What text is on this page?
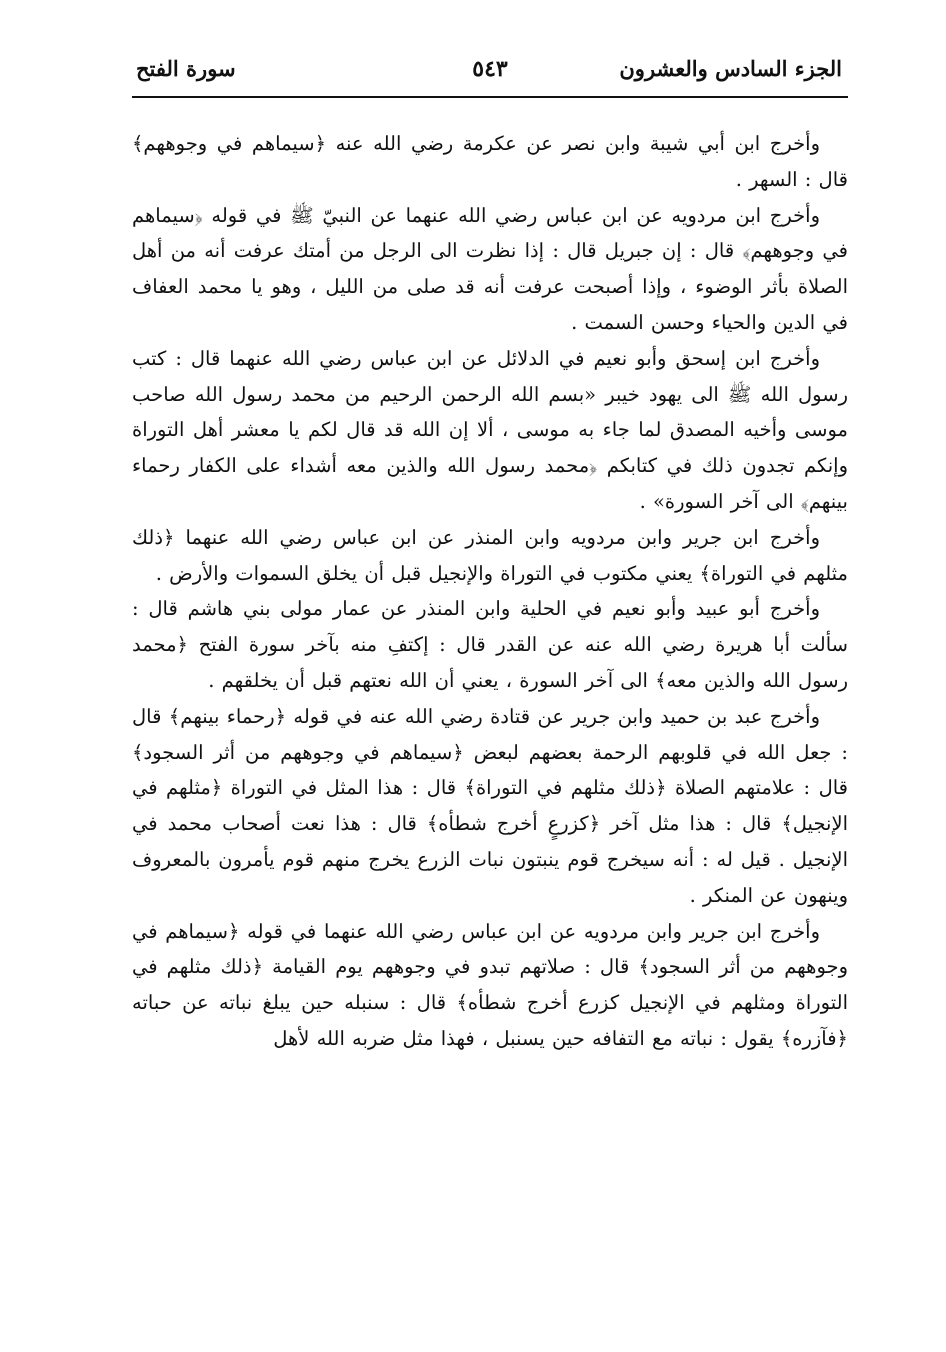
الجزء السادس والعشرون
٥٤٣
سورة الفتح

وأخرج ابن أبي شيبة وابن نصر عن عكرمة رضي الله عنه ﴿سيماهم في وجوههم﴾ قال : السهر .

وأخرج ابن مردويه عن ابن عباس رضي الله عنهما عن النبيّ ﷺ في قوله ﴿سيماهم في وجوههم﴾ قال : إن جبريل قال : إذا نظرت الى الرجل من أمتك عرفت أنه من أهل الصلاة بأثر الوضوء ، وإذا أصبحت عرفت أنه قد صلى من الليل ، وهو يا محمد العفاف في الدين والحياء وحسن السمت .

وأخرج ابن إسحق وأبو نعيم في الدلائل عن ابن عباس رضي الله عنهما قال : كتب رسول الله ﷺ الى يهود خيبر «بسم الله الرحمن الرحيم من محمد رسول الله صاحب موسى وأخيه المصدق لما جاء به موسى ، ألا إن الله قد قال لكم يا معشر أهل التوراة وإنكم تجدون ذلك في كتابكم ﴿محمد رسول الله والذين معه أشداء على الكفار رحماء بينهم﴾ الى آخر السورة» .

وأخرج ابن جرير وابن مردويه وابن المنذر عن ابن عباس رضي الله عنهما ﴿ذلك مثلهم في التوراة﴾ يعني مكتوب في التوراة والإنجيل قبل أن يخلق السموات والأرض .

وأخرج أبو عبيد وأبو نعيم في الحلية وابن المنذر عن عمار مولى بني هاشم قال : سألت أبا هريرة رضي الله عنه عن القدر قال : إكتفِ منه بآخر سورة الفتح ﴿محمد رسول الله والذين معه﴾ الى آخر السورة ، يعني أن الله نعتهم قبل أن يخلقهم .

وأخرج عبد بن حميد وابن جرير عن قتادة رضي الله عنه في قوله ﴿رحماء بينهم﴾ قال : جعل الله في قلوبهم الرحمة بعضهم لبعض ﴿سيماهم في وجوههم من أثر السجود﴾ قال : علامتهم الصلاة ﴿ذلك مثلهم في التوراة﴾ قال : هذا المثل في التوراة ﴿مثلهم في الإنجيل﴾ قال : هذا مثل آخر ﴿كزرعٍ أخرج شطأه﴾ قال : هذا نعت أصحاب محمد في الإنجيل . قيل له : أنه سيخرج قوم ينبتون نبات الزرع يخرج منهم قوم يأمرون بالمعروف وينهون عن المنكر .

وأخرج ابن جرير وابن مردويه عن ابن عباس رضي الله عنهما في قوله ﴿سيماهم في وجوههم من أثر السجود﴾ قال : صلاتهم تبدو في وجوههم يوم القيامة ﴿ذلك مثلهم في التوراة ومثلهم في الإنجيل كزرع أخرج شطأه﴾ قال : سنبله حين يبلغ نباته عن حباته ﴿فآزره﴾ يقول : نباته مع التفافه حين يسنبل ، فهذا مثل ضربه الله لأهل
